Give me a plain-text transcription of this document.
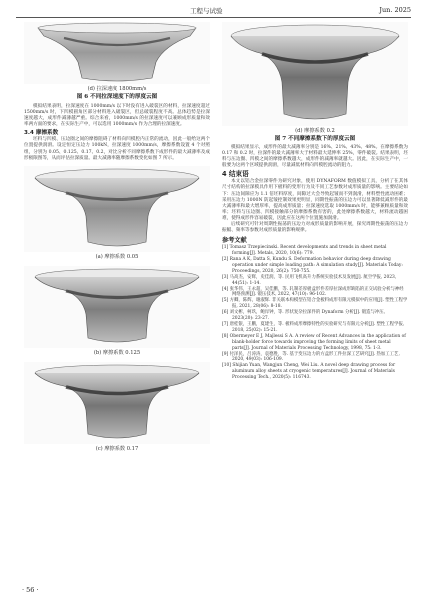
工程与试验	Jun. 2025
(d) 拉深速度 1800mm/s
图 6 不同拉深速度下的厚度云图

模拟结果表明，拉深速度在 1000mm/s 以下时没有进入破裂区的材料，拉深速度超过 1500mm/s 时，下凹模圆角区部分材料进入破裂区，但总破裂程度不高。总体趋势是拉深速度越大，成形件减薄越严重。综合来看，1000mm/s 的拉深速度可以兼顾成形质量和效率两方面的要求，在实际生产中，可以选用 1000mm/s 作为合理的拉深速度。

3.4 摩擦系数

坯料与凹模、压边圈之间的摩擦阻碍了材料向凹模腔内正常的流动，因此一般给这两个位置提供润滑。设定恒定压边力 100kN，拉深速度 1000mm/s，摩擦系数设置 4 个对照组，分别为 0.05、0.125、0.17、0.2，对比分析不同摩擦系数下成形件的最大减薄率及成形极限图等，从而评估拉深质量。最大减薄率随摩擦系数变化如图 7 所示。

(a) 摩擦系数 0.05
(b) 摩擦系数 0.125
(c) 摩擦系数 0.17
(d) 摩擦系数 0.2
图 7 不同摩擦系数下的厚度云图

模拟结果显示，成形件的最大减薄率分别是 16%、21%、43%、48%。在摩擦系数为 0.17 和 0.2 时，拉深件的最大减薄率大于材料最大延伸率 25%，零件破裂。结果表明，坯料与压边圈、凹模之间的摩擦系数越大，成形件的减薄率就越大。因此，在实际生产中，一般要为这两个区域提供润滑，尽量减低材料向凹模腔流动的阻力。

4 结束语

本文以铝合金拉深零件为研究对象，使用 DYNAFORM 数值模拟工具，分析了在其体尺寸结构的拉深模具作用下板料的变形行为及不同工艺参数对成形质量的影响。主要结论如下：压边间隙应为 1.1 倍坯料厚度，间隙过大会导致起皱而不到润滑，材料塑性流动困难；采用压边力 1000N 防起皱控制效果更明显，同期性振荡的压边力可以显著降低减形件的最大减薄率和最大增厚率，提高成形质量；拉深速度选取 1000mm/s 时，能够兼顾质量和效率；坯料与压边圈、凹模接触部分的摩擦系数有害的，此处摩擦系数越大，材料流动越困难，使得成形件容易破裂，因此应在这两个位置施加润滑。

后续研究可针对周期性振荡的压边力对成形质量的影响开展，探究周期性振荡的压边力振幅、频率等参数对成形质量的影响规律。

参考文献

[1] Tomasz Trzepiecinski. Recent developments and trends in sheet metal forming[J]. Metals, 2020, 10(6): 779.

[2] Rana A K, Datta S, Kundu S. Deformation behavior during deep drawing operation under simple loading path: A simulation study[J]. Materials Today: Proceedings, 2020, 26(2): 750-755.

[3] 马高杰，安辉，史佳润，等. 民用飞机高升力系统实验技术及发展[J]. 航空学报, 2023, 44(51): 1-14.

[4] 张华伟，王永超，吴佳鹏，等. 轧制差厚板盒形件差厚拉深成形缺陷的正交试验分析与神经网络预测[J]. 锻压技术, 2022, 47(10): 96-102.

[5] 方卿，陈辉，谢淑辉. 非关联本构模型在铝合金板料成形有限元模拟中的应用[J]. 塑性工程学报, 2021, 28(06): 8-18.

[6] 刘文彬，柯玖，鲍岸钟，等. 形状复杂拉深件的 Dynaform 分析[J]. 锻造与冲压, 2023(20): 23-27.

[7] 唐桂银，王鹏，夏建生，等. 板料成形摩擦特性的实验研究与有限元分析[J]. 塑性工程学报, 2018, 25(02): 15-21.

[8] Obermeyer E J, Majlessi S A. A review of Recent Advances in the application of blank-holder force towards improving the forming limits of sheet metal parts[J]. Journal of Materials Processing Technology, 1998, 75: 1-3.

[9] 付泽民，吕涛涛，袁德胜，等. 基于变压边力的方盒形工件拉深工艺研究[J]. 热加工工艺, 2020, 49(03): 106-109.

[10] Shijian Yuan, Wangjun Cheng, Wei Liu. A novel deep drawing process for aluminum alloy sheets at cryogenic temperatures[J]. Journal of Materials Processing Tech., 2020(5): 116743.

· 56 ·
